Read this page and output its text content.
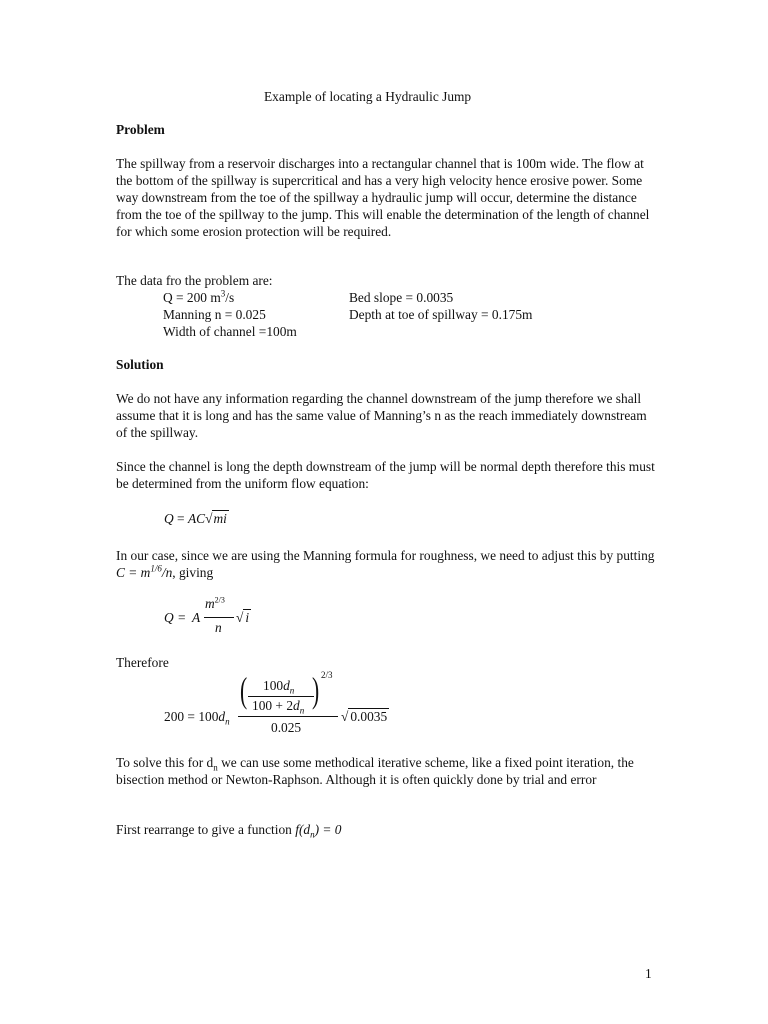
Example of locating a Hydraulic Jump
Problem
The spillway from a reservoir discharges into a rectangular channel that is 100m wide. The flow at the bottom of the spillway is supercritical and has a very high velocity hence erosive power. Some way downstream from the toe of the spillway a hydraulic jump will occur, determine the distance from the toe of the spillway to the jump. This will enable the determination of the length of channel for which some erosion protection will be required.
The data fro the problem are:
Q = 200 $m^3/s$	Bed slope = 0.0035
Manning n = 0.025	Depth at toe of spillway = 0.175m
Width of channel =100m
Solution
We do not have any information regarding the channel downstream of the jump therefore we shall assume that it is long and has the same value of Manning’s n as the reach immediately downstream of the spillway.
Since the channel is long the depth downstream of the jump will be normal depth therefore this must be determined from the uniform flow equation:
Q = AC√mi
In our case, since we are using the Manning formula for roughness, we need to adjust this by putting $C = m^{1/6}/n$, giving
Q = A
$m^{2/3}$
n
√ i
Therefore
$200 = 100d_n$
( $100d_n$
$100 + 2d_n$
) 2/3
0.025
√ 0.0035
To solve this for $d_n$ we can use some methodical iterative scheme, like a fixed point iteration, the bisection method or Newton-Raphson. Although it is often quickly done by trial and error
First rearrange to give a function $f(d_n) = 0$
1
